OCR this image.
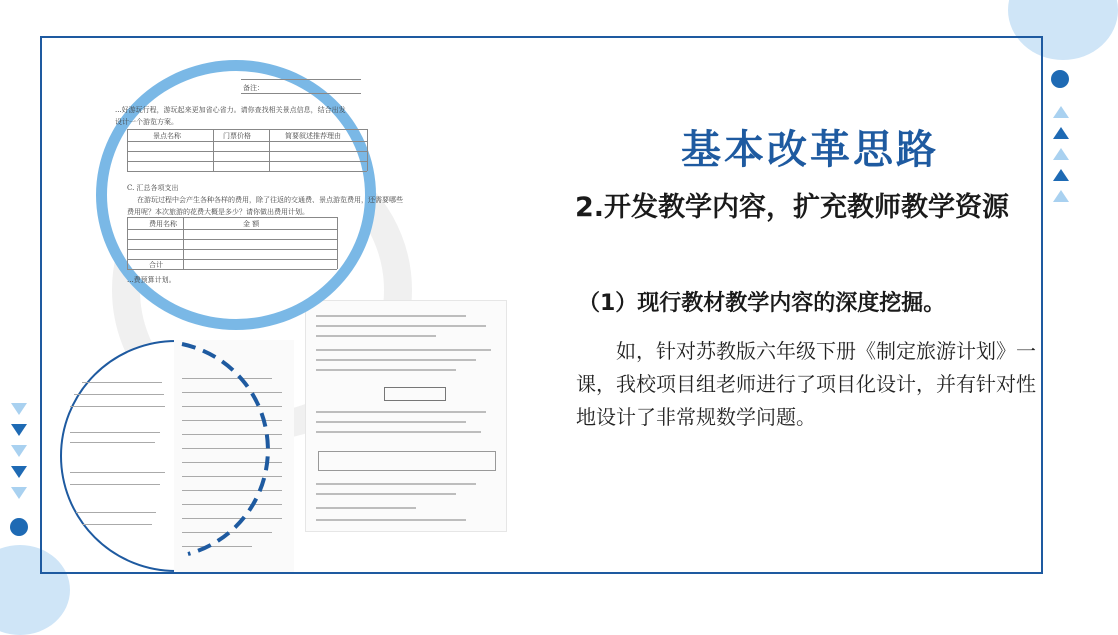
备注：
...好游玩行程，游玩起来更加省心省力。请你查找相关景点信息，结合出发
设计一个游览方案。
景点名称	门票价格	简要叙述推荐理由
C. 汇总各项支出
在游玩过程中会产生各种各样的费用，除了往返的交通费、景点游览费用，还需要哪些
费用呢？本次旅游的花费大概是多少？请你做出费用计划。
费用名称	金 额
合计
...费预算计划。
基本改革思路
2.开发教学内容，扩充教师教学资源
（1）现行教材教学内容的深度挖掘。
如，针对苏教版六年级下册《制定旅游计划》一课，我校项目组老师进行了项目化设计，并有针对性地设计了非常规数学问题。
